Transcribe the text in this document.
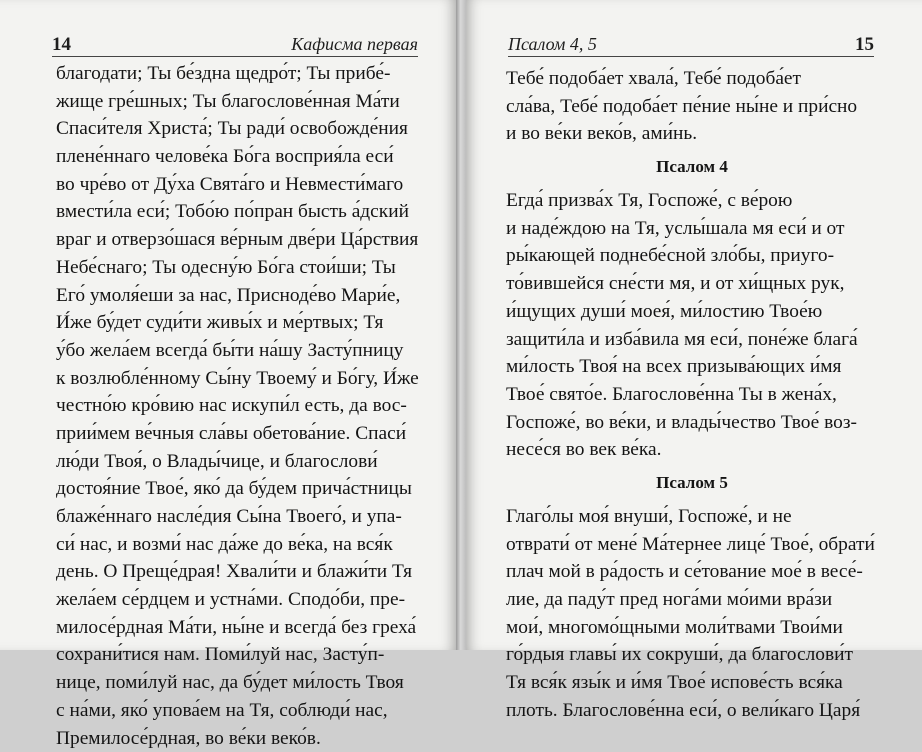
14	Кафисма первая
благодати; Ты бе́здна щедро́т; Ты прибе́-
жище гре́шных; Ты благослове́нная Ма́ти
Спаси́теля Христа́; Ты ради́ освобожде́ния
плене́ннаго челове́ка Бо́га восприя́ла еси́
во чре́во от Ду́ха Свята́го и Невмести́маго
вмести́ла еси́; Тобо́ю по́пран бысть а́дский
враг и отверзо́шася ве́рным две́ри Ца́рствия
Небе́снаго; Ты одесну́ю Бо́га стои́ши; Ты
Его́ умоля́еши за нас, Присноде́во Мари́е,
И́же бу́дет суди́ти живы́х и ме́ртвых; Тя
у́бо жела́ем всегда́ бы́ти на́шу Засту́пницу
к возлюбле́нному Сы́ну Твоему́ и Бо́гу, И́же
честно́ю кро́вию нас искупи́л есть, да вос-
прии́мем ве́чныя сла́вы обетова́ние. Спаси́
лю́ди Твоя́, о Влады́чице, и благослови́
достоя́ние Твое́, яко́ да бу́дем прича́стницы
блаже́ннаго насле́дия Сы́на Твоего́, и упа-
си́ нас, и возми́ нас да́же до ве́ка, на вся́к
день. О Преще́драя! Хвали́ти и блажи́ти Тя
жела́ем се́рдцем и устна́ми. Сподо́би, пре-
милосе́рдная Ма́ти, ны́не и всегда́ без греха́
сохрани́тися нам. Поми́луй нас, Засту́п-
нице, поми́луй нас, да бу́дет ми́лость Твоя
с на́ми, яко́ упова́ем на Тя, соблюди́ нас,
Премилосе́рдная, во ве́ки веко́в.
Псалом 4, 5	15
Тебе́ подоба́ет хвала́, Тебе́ подоба́ет
сла́ва, Тебе́ подоба́ет пе́ние ны́не и при́сно
и во ве́ки веко́в, ами́нь.
Псалом 4
Егда́ призва́х Тя, Госпоже́, с ве́рою
и наде́ждою на Тя, услы́шала мя еси́ и от
ры́кающей поднебе́сной зло́бы, приуго-
то́вившейся сне́сти мя, и от хи́щных рук,
и́щущих души́ моея́, ми́лостию Твое́ю
защити́ла и изба́вила мя еси́, поне́же блага́
ми́лость Твоя́ на всех призыва́ющих и́мя
Твое́ свято́е. Благослове́нна Ты в жена́х,
Госпоже́, во ве́ки, и влады́чество Твое́ воз-
несе́ся во век ве́ка.
Псалом 5
Глаго́лы моя́ внуши́, Госпоже́, и не
отврати́ от мене́ Ма́тернее лице́ Твое́, обрати́
плач мой в ра́дость и се́тование мое́ в весе́-
лие, да паду́т пред нога́ми мо́ими вра́зи
мои́, многомо́щными моли́твами Твои́ми
го́рдыя главы́ их сокруши́, да благослови́т
Тя вся́к язы́к и и́мя Твое́ испове́сть вся́ка
плоть. Благослове́нна еси́, о вели́каго Царя́
